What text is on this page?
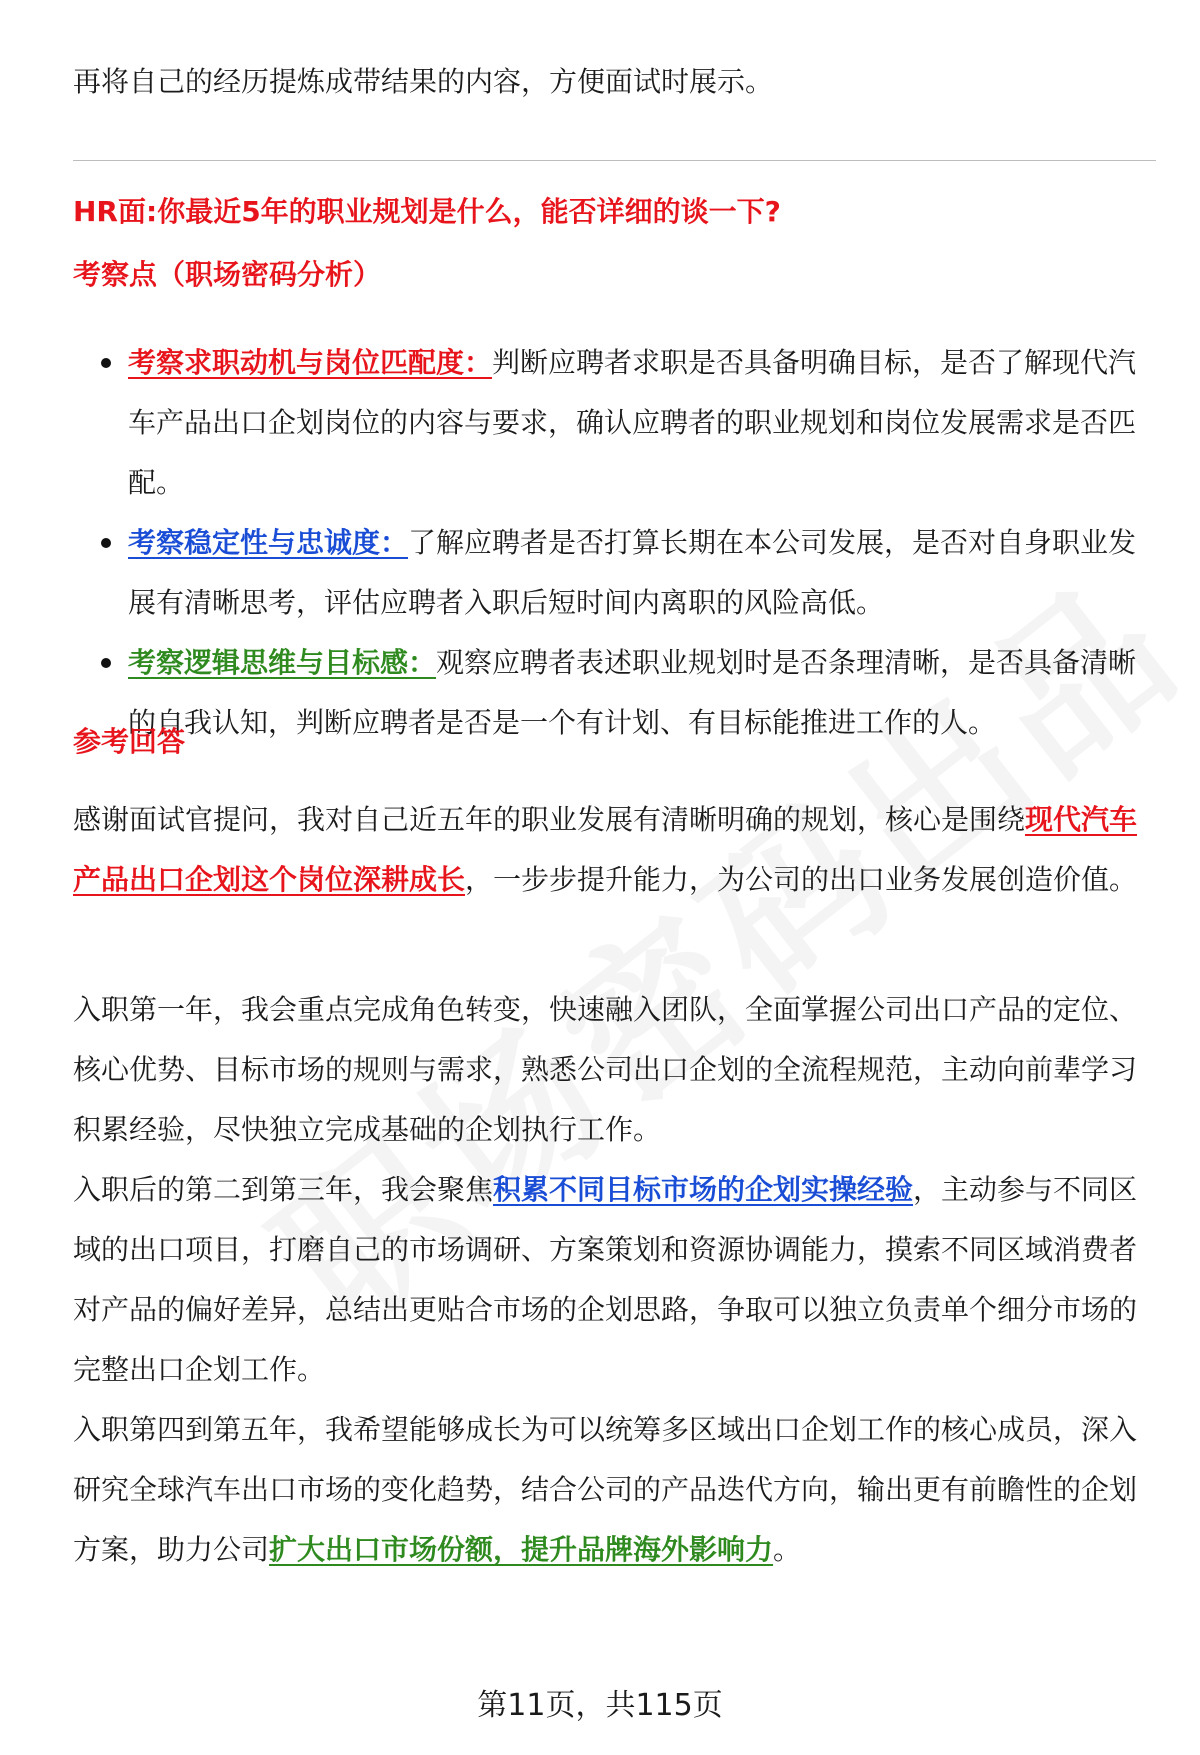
再将自己的经历提炼成带结果的内容，方便面试时展示。

HR面:你最近5年的职业规划是什么，能否详细的谈一下?

考察点（职场密码分析）

考察求职动机与岗位匹配度：判断应聘者求职是否具备明确目标，是否了解现代汽车产品出口企划岗位的内容与要求，确认应聘者的职业规划和岗位发展需求是否匹配。
考察稳定性与忠诚度：了解应聘者是否打算长期在本公司发展，是否对自身职业发展有清晰思考，评估应聘者入职后短时间内离职的风险高低。
考察逻辑思维与目标感：观察应聘者表述职业规划时是否条理清晰，是否具备清晰的自我认知，判断应聘者是否是一个有计划、有目标能推进工作的人。

参考回答

感谢面试官提问，我对自己近五年的职业发展有清晰明确的规划，核心是围绕现代汽车产品出口企划这个岗位深耕成长，一步步提升能力，为公司的出口业务发展创造价值。

入职第一年，我会重点完成角色转变，快速融入团队，全面掌握公司出口产品的定位、核心优势、目标市场的规则与需求，熟悉公司出口企划的全流程规范，主动向前辈学习积累经验，尽快独立完成基础的企划执行工作。

入职后的第二到第三年，我会聚焦积累不同目标市场的企划实操经验，主动参与不同区域的出口项目，打磨自己的市场调研、方案策划和资源协调能力，摸索不同区域消费者对产品的偏好差异，总结出更贴合市场的企划思路，争取可以独立负责单个细分市场的完整出口企划工作。

入职第四到第五年，我希望能够成长为可以统筹多区域出口企划工作的核心成员，深入研究全球汽车出口市场的变化趋势，结合公司的产品迭代方向，输出更有前瞻性的企划方案，助力公司扩大出口市场份额，提升品牌海外影响力。

第11页，共115页
